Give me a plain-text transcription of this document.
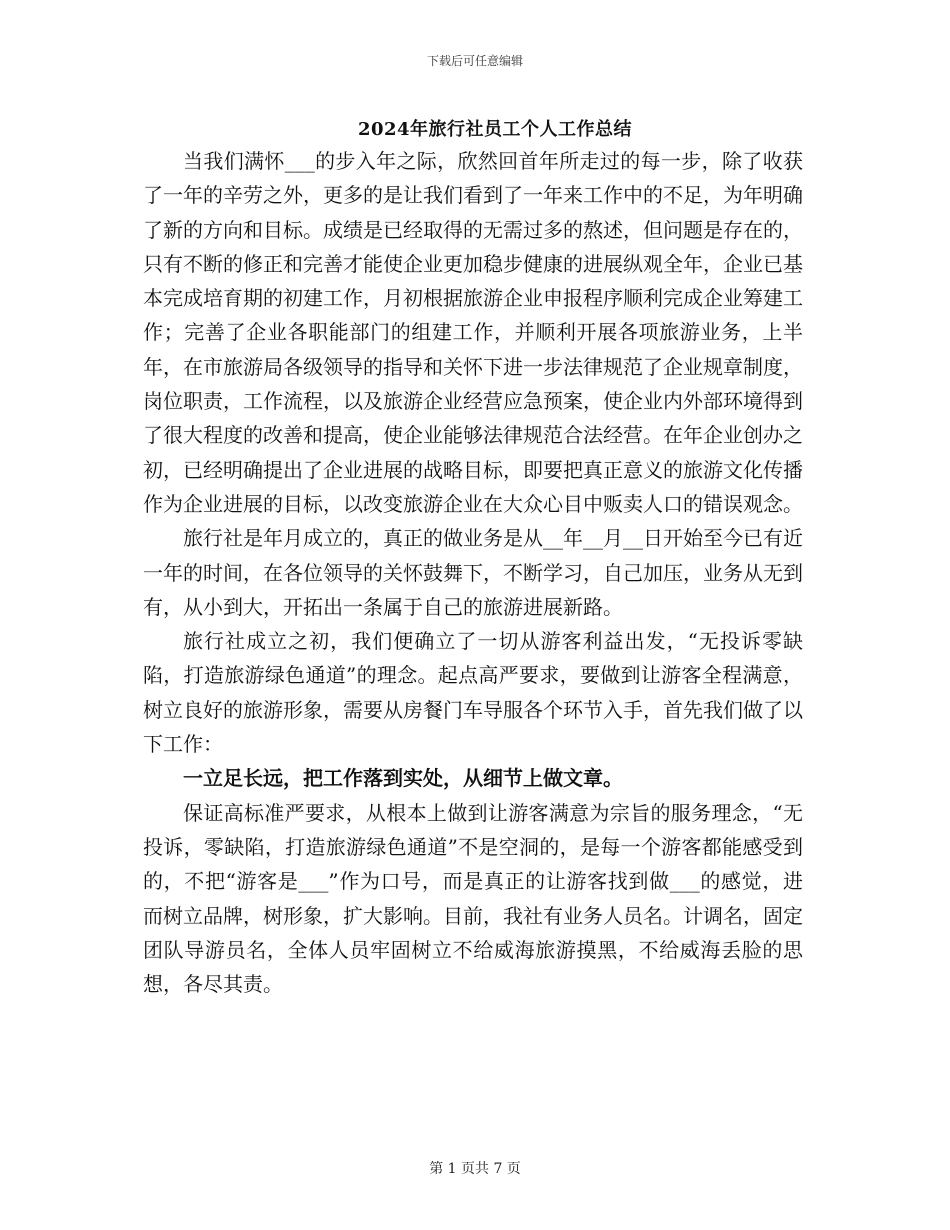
下载后可任意编辑
2024年旅行社员工个人工作总结

当我们满怀___的步入年之际，欣然回首年所走过的每一步，除了收获了一年的辛劳之外，更多的是让我们看到了一年来工作中的不足，为年明确了新的方向和目标。成绩是已经取得的无需过多的熬述，但问题是存在的，只有不断的修正和完善才能使企业更加稳步健康的进展纵观全年，企业已基本完成培育期的初建工作，月初根据旅游企业申报程序顺利完成企业筹建工作；完善了企业各职能部门的组建工作，并顺利开展各项旅游业务，上半年，在市旅游局各级领导的指导和关怀下进一步法律规范了企业规章制度，岗位职责，工作流程，以及旅游企业经营应急预案，使企业内外部环境得到了很大程度的改善和提高，使企业能够法律规范合法经营。在年企业创办之初，已经明确提出了企业进展的战略目标，即要把真正意义的旅游文化传播作为企业进展的目标，以改变旅游企业在大众心目中贩卖人口的错误观念。

旅行社是年月成立的，真正的做业务是从__年__月__日开始至今已有近一年的时间，在各位领导的关怀鼓舞下，不断学习，自己加压，业务从无到有，从小到大，开拓出一条属于自己的旅游进展新路。

旅行社成立之初，我们便确立了一切从游客利益出发，“无投诉零缺陷，打造旅游绿色通道”的理念。起点高严要求，要做到让游客全程满意，树立良好的旅游形象，需要从房餐门车导服各个环节入手，首先我们做了以下工作：

一立足长远，把工作落到实处，从细节上做文章。

保证高标准严要求，从根本上做到让游客满意为宗旨的服务理念，“无投诉，零缺陷，打造旅游绿色通道”不是空洞的，是每一个游客都能感受到的，不把“游客是___”作为口号，而是真正的让游客找到做___的感觉，进而树立品牌，树形象，扩大影响。目前，我社有业务人员名。计调名，固定团队导游员名，全体人员牢固树立不给威海旅游摸黑，不给威海丢脸的思想，各尽其责。

第 1 页共 7 页
